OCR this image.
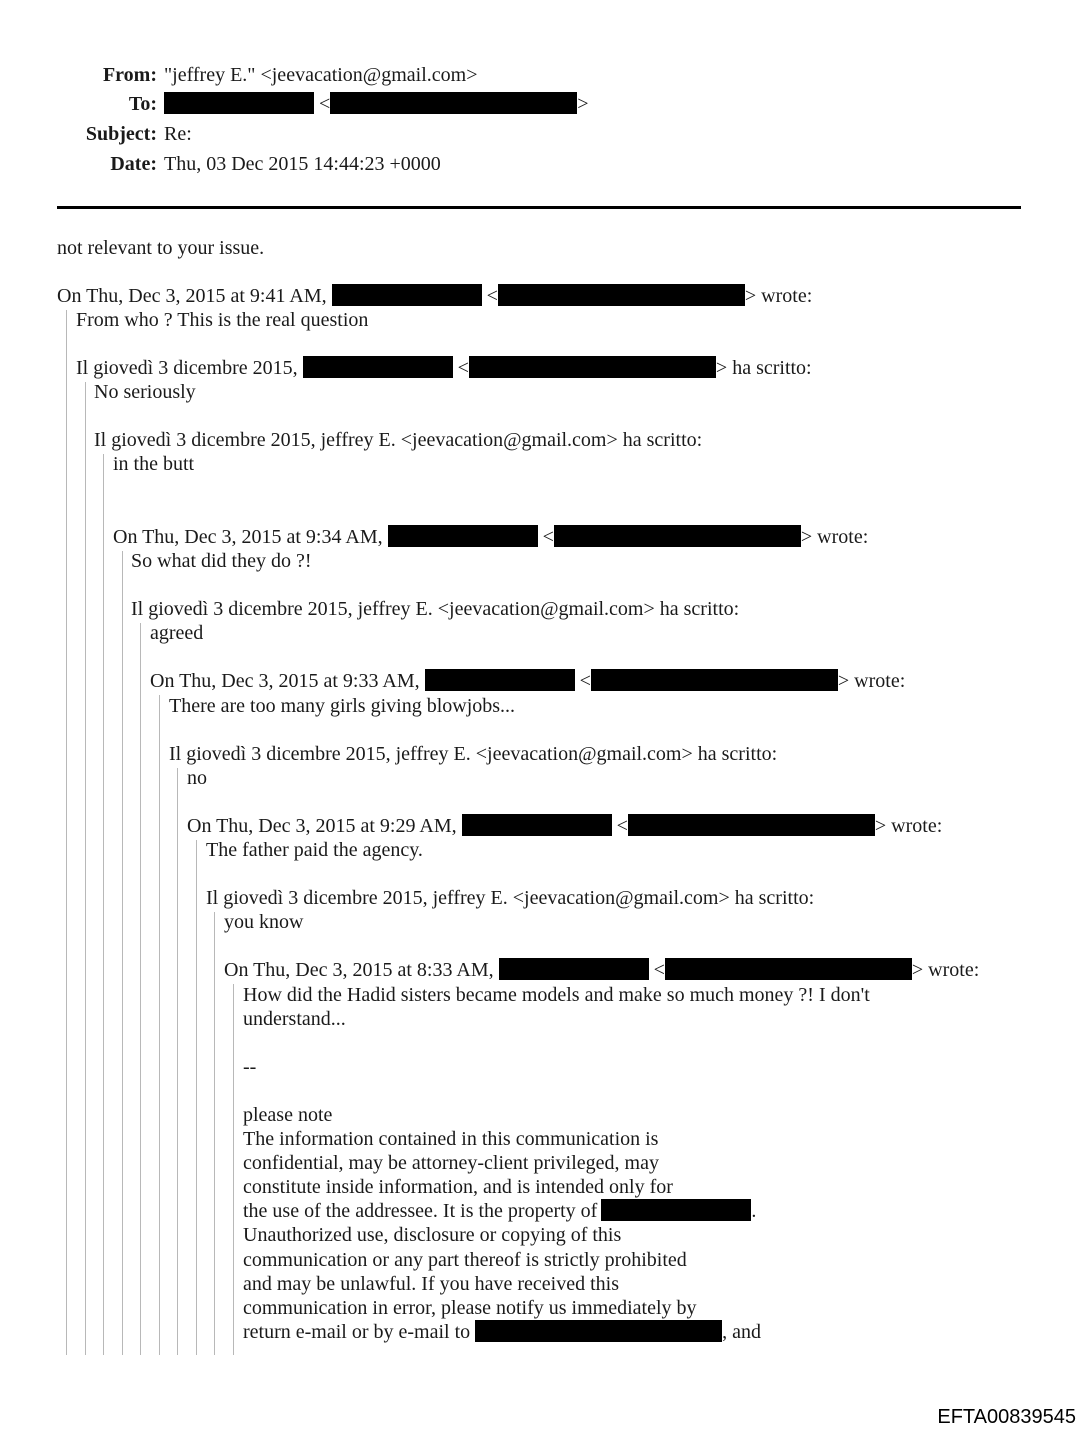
From: "jeffrey E." <jeevacation@gmail.com>
To:	<	>
Subject: Re:
Date: Thu, 03 Dec 2015 14:44:23 +0000
not relevant to your issue.
On Thu, Dec 3, 2015 at 9:41 AM,	<	> wrote:
From who ? This is the real question
Il giovedì 3 dicembre 2015,	<	> ha scritto:
No seriously
Il giovedì 3 dicembre 2015, jeffrey E. <jeevacation@gmail.com> ha scritto:
in the butt
On Thu, Dec 3, 2015 at 9:34 AM,	<	> wrote:
So what did they do ?!
Il giovedì 3 dicembre 2015, jeffrey E. <jeevacation@gmail.com> ha scritto:
agreed
On Thu, Dec 3, 2015 at 9:33 AM,	<	> wrote:
There are too many girls giving blowjobs...
Il giovedì 3 dicembre 2015, jeffrey E. <jeevacation@gmail.com> ha scritto:
no
On Thu, Dec 3, 2015 at 9:29 AM,	<	> wrote:
The father paid the agency.
Il giovedì 3 dicembre 2015, jeffrey E. <jeevacation@gmail.com> ha scritto:
you know
On Thu, Dec 3, 2015 at 8:33 AM,	<	> wrote:
How did the Hadid sisters became models and make so much money ?! I don't
understand...
--
please note
The information contained in this communication is
confidential, may be attorney-client privileged, may
constitute inside information, and is intended only for
the use of the addressee. It is the property of	.
Unauthorized use, disclosure or copying of this
communication or any part thereof is strictly prohibited
and may be unlawful. If you have received this
communication in error, please notify us immediately by
return e-mail or by e-mail to	, and
EFTA00839545
